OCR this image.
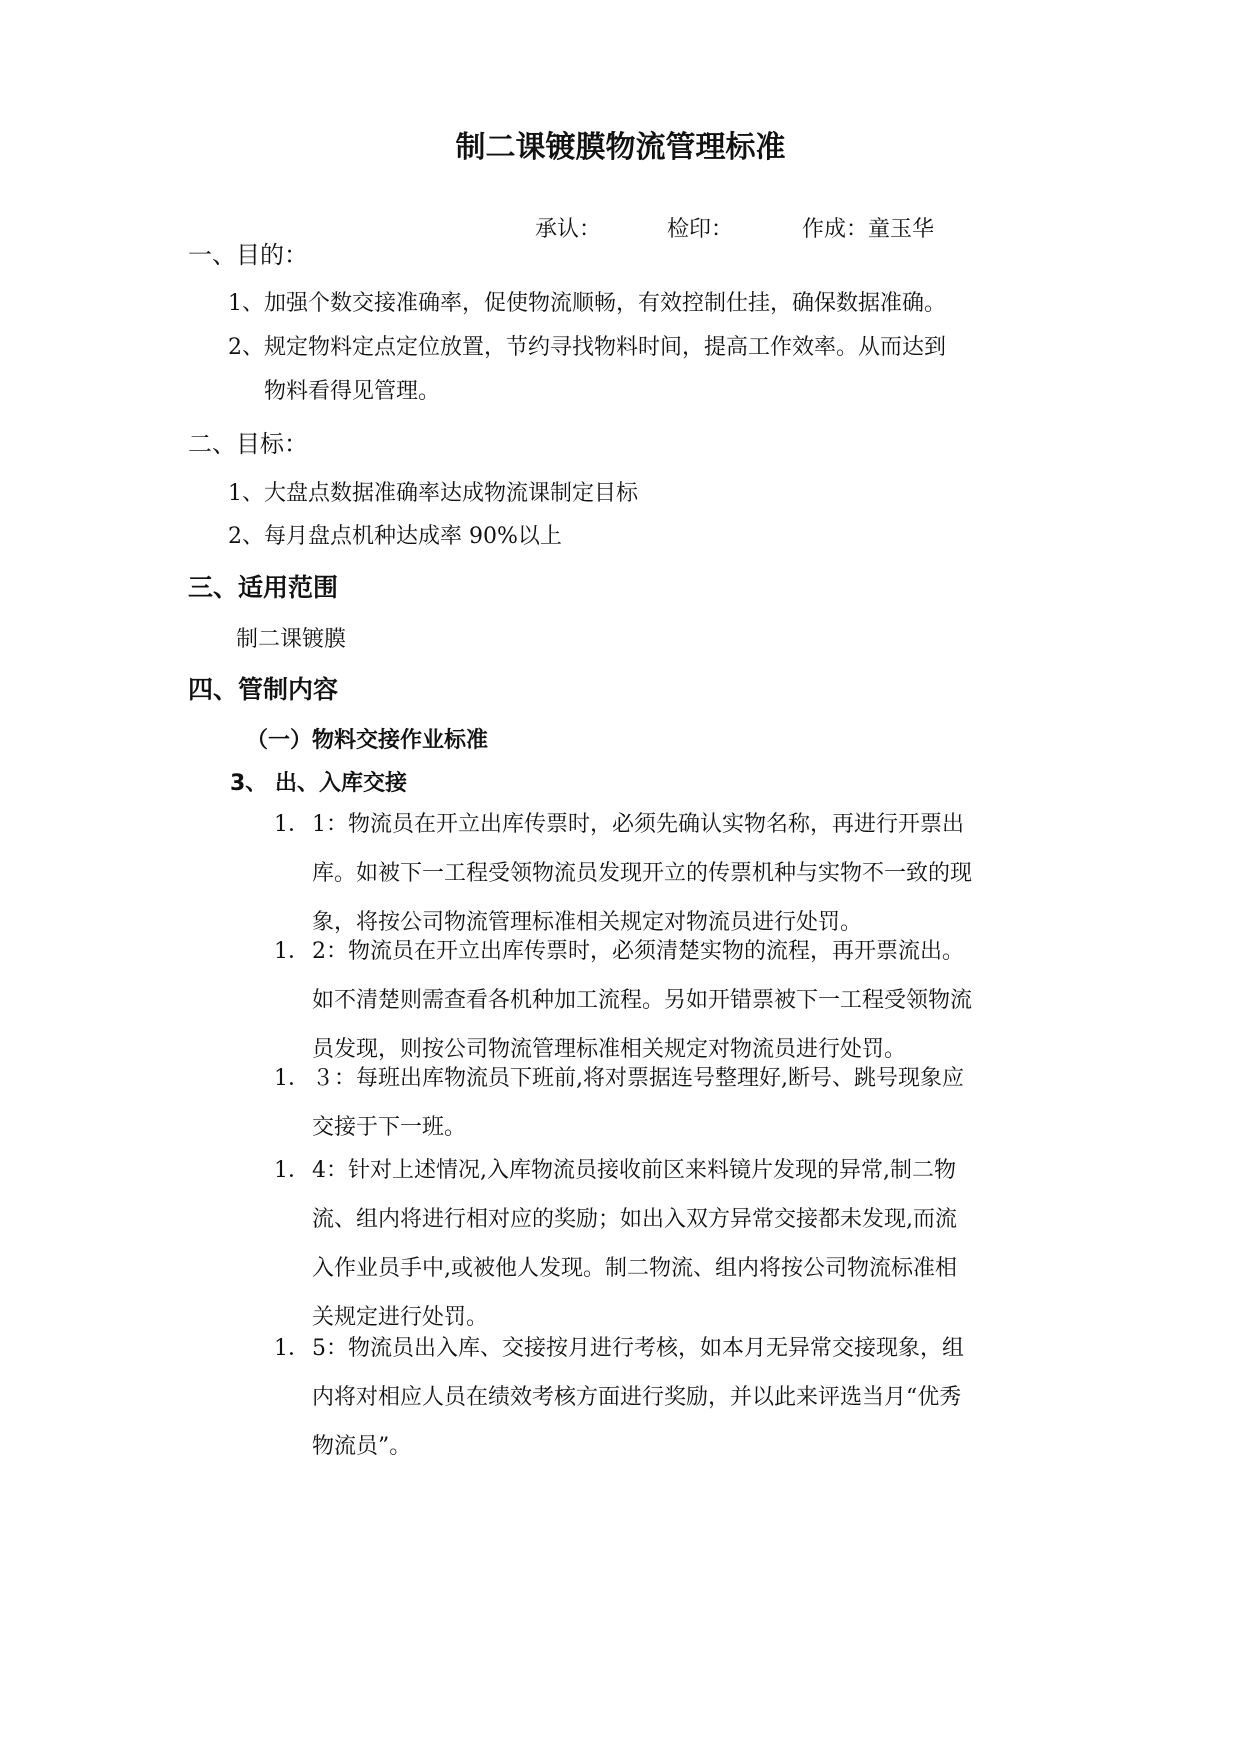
制二课镀膜物流管理标准
承认：	检印：	作成：童玉华
一、目的：
1、加强个数交接准确率，促使物流顺畅，有效控制仕挂，确保数据准确。
2、规定物料定点定位放置，节约寻找物料时间，提高工作效率。从而达到
物料看得见管理。
二、目标：
1、大盘点数据准确率达成物流课制定目标
2、每月盘点机种达成率 90%以上
三、适用范围
制二课镀膜
四、管制内容
（一）物料交接作业标准
3、 出、入库交接
1． 1：物流员在开立出库传票时，必须先确认实物名称，再进行开票出
库。如被下一工程受领物流员发现开立的传票机种与实物不一致的现
象，将按公司物流管理标准相关规定对物流员进行处罚。
1． 2：物流员在开立出库传票时，必须清楚实物的流程，再开票流出。
如不清楚则需查看各机种加工流程。另如开错票被下一工程受领物流
员发现，则按公司物流管理标准相关规定对物流员进行处罚。
1． ３：每班出库物流员下班前,将对票据连号整理好,断号、跳号现象应
交接于下一班。
1． 4：针对上述情况,入库物流员接收前区来料镜片发现的异常,制二物
流、组内将进行相对应的奖励；如出入双方异常交接都未发现,而流
入作业员手中,或被他人发现。制二物流、组内将按公司物流标准相
关规定进行处罚。
1． 5：物流员出入库、交接按月进行考核，如本月无异常交接现象，组
内将对相应人员在绩效考核方面进行奖励，并以此来评选当月“优秀
物流员”。
